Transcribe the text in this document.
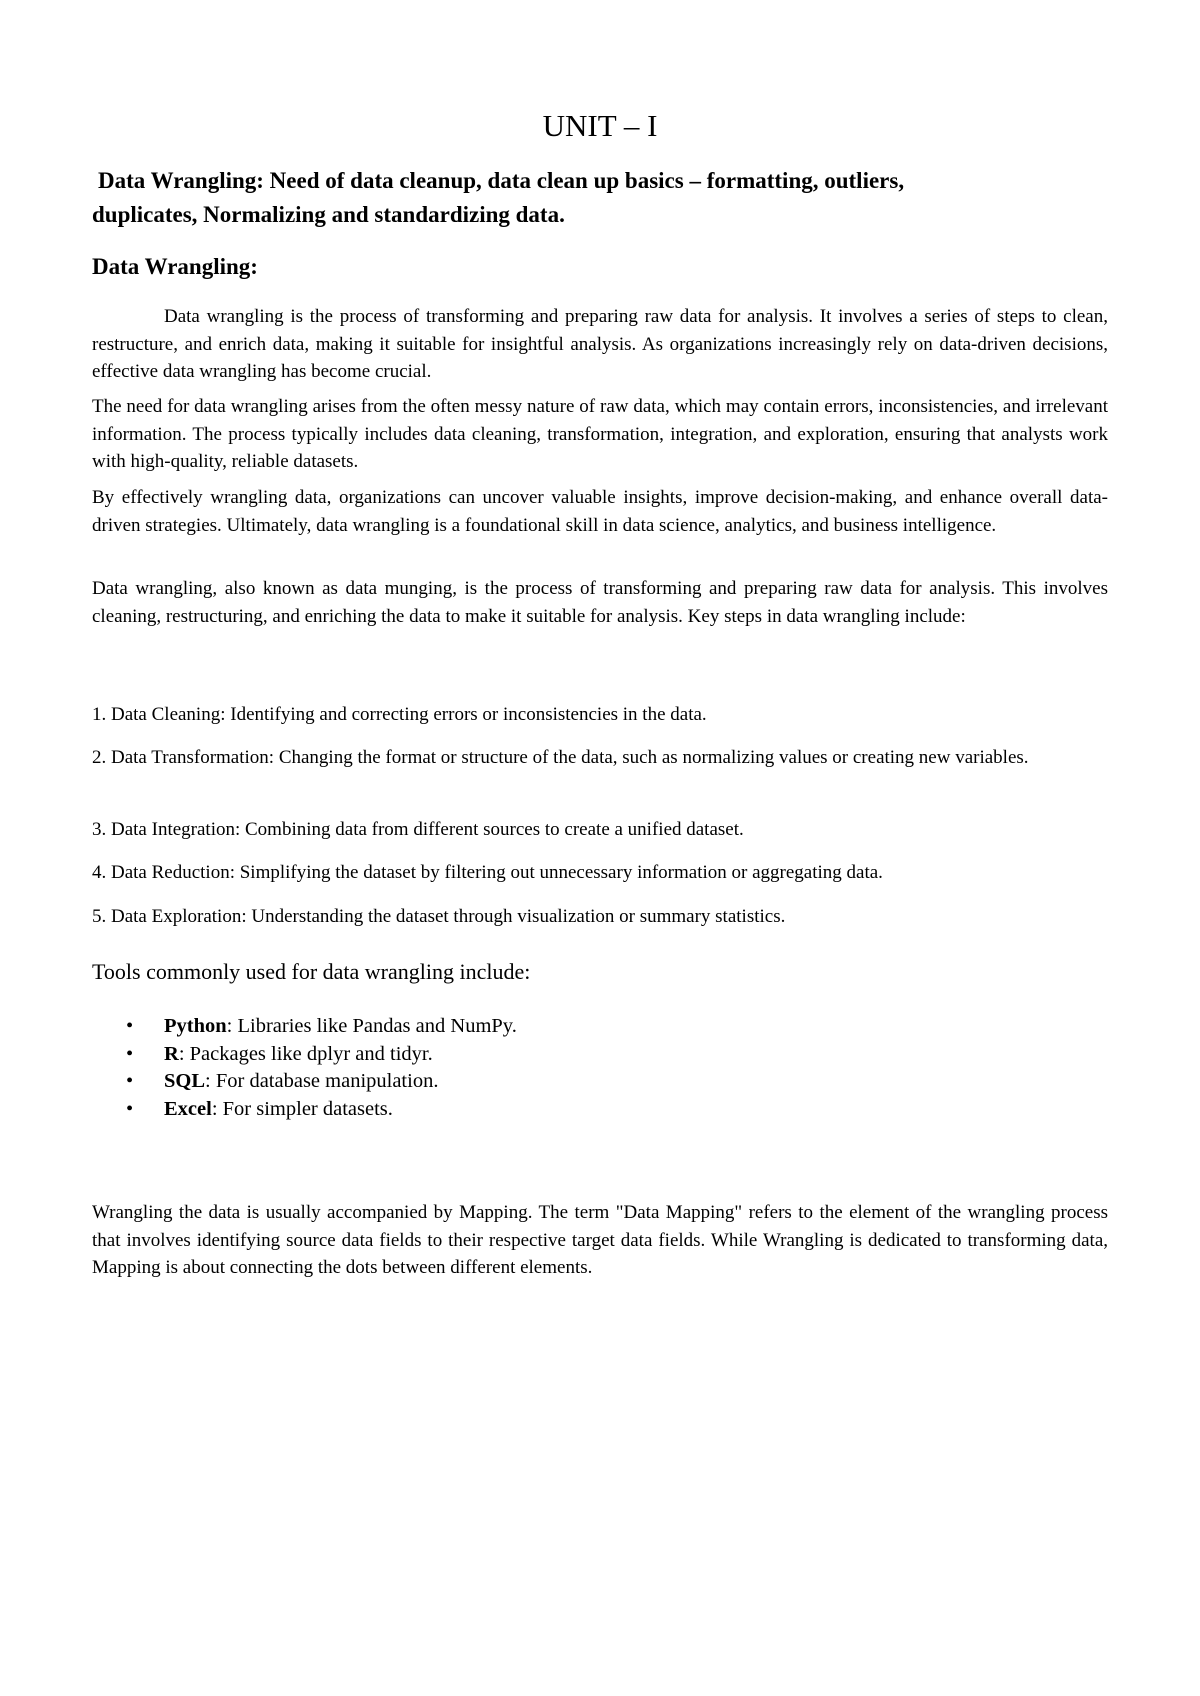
UNIT – I
Data Wrangling: Need of data cleanup, data clean up basics – formatting, outliers,
duplicates, Normalizing and standardizing data.
Data Wrangling:

Data wrangling is the process of transforming and preparing raw data for analysis. It involves a series of steps to clean, restructure, and enrich data, making it suitable for insightful analysis. As organizations increasingly rely on data-driven decisions, effective data wrangling has become crucial.

The need for data wrangling arises from the often messy nature of raw data, which may contain errors, inconsistencies, and irrelevant information. The process typically includes data cleaning, transformation, integration, and exploration, ensuring that analysts work with high-quality, reliable datasets.

By effectively wrangling data, organizations can uncover valuable insights, improve decision-making, and enhance overall data-driven strategies. Ultimately, data wrangling is a foundational skill in data science, analytics, and business intelligence.

Data wrangling, also known as data munging, is the process of transforming and preparing raw data for analysis. This involves cleaning, restructuring, and enriching the data to make it suitable for analysis. Key steps in data wrangling include:

1. Data Cleaning: Identifying and correcting errors or inconsistencies in the data.

2. Data Transformation: Changing the format or structure of the data, such as normalizing values or creating new variables.

3. Data Integration: Combining data from different sources to create a unified dataset.

4. Data Reduction: Simplifying the dataset by filtering out unnecessary information or aggregating data.

5. Data Exploration: Understanding the dataset through visualization or summary statistics.

Tools commonly used for data wrangling include:

• Python: Libraries like Pandas and NumPy.
• R: Packages like dplyr and tidyr.
• SQL: For database manipulation.
• Excel: For simpler datasets.

Wrangling the data is usually accompanied by Mapping. The term "Data Mapping" refers to the element of the wrangling process that involves identifying source data fields to their respective target data fields. While Wrangling is dedicated to transforming data, Mapping is about connecting the dots between different elements.
